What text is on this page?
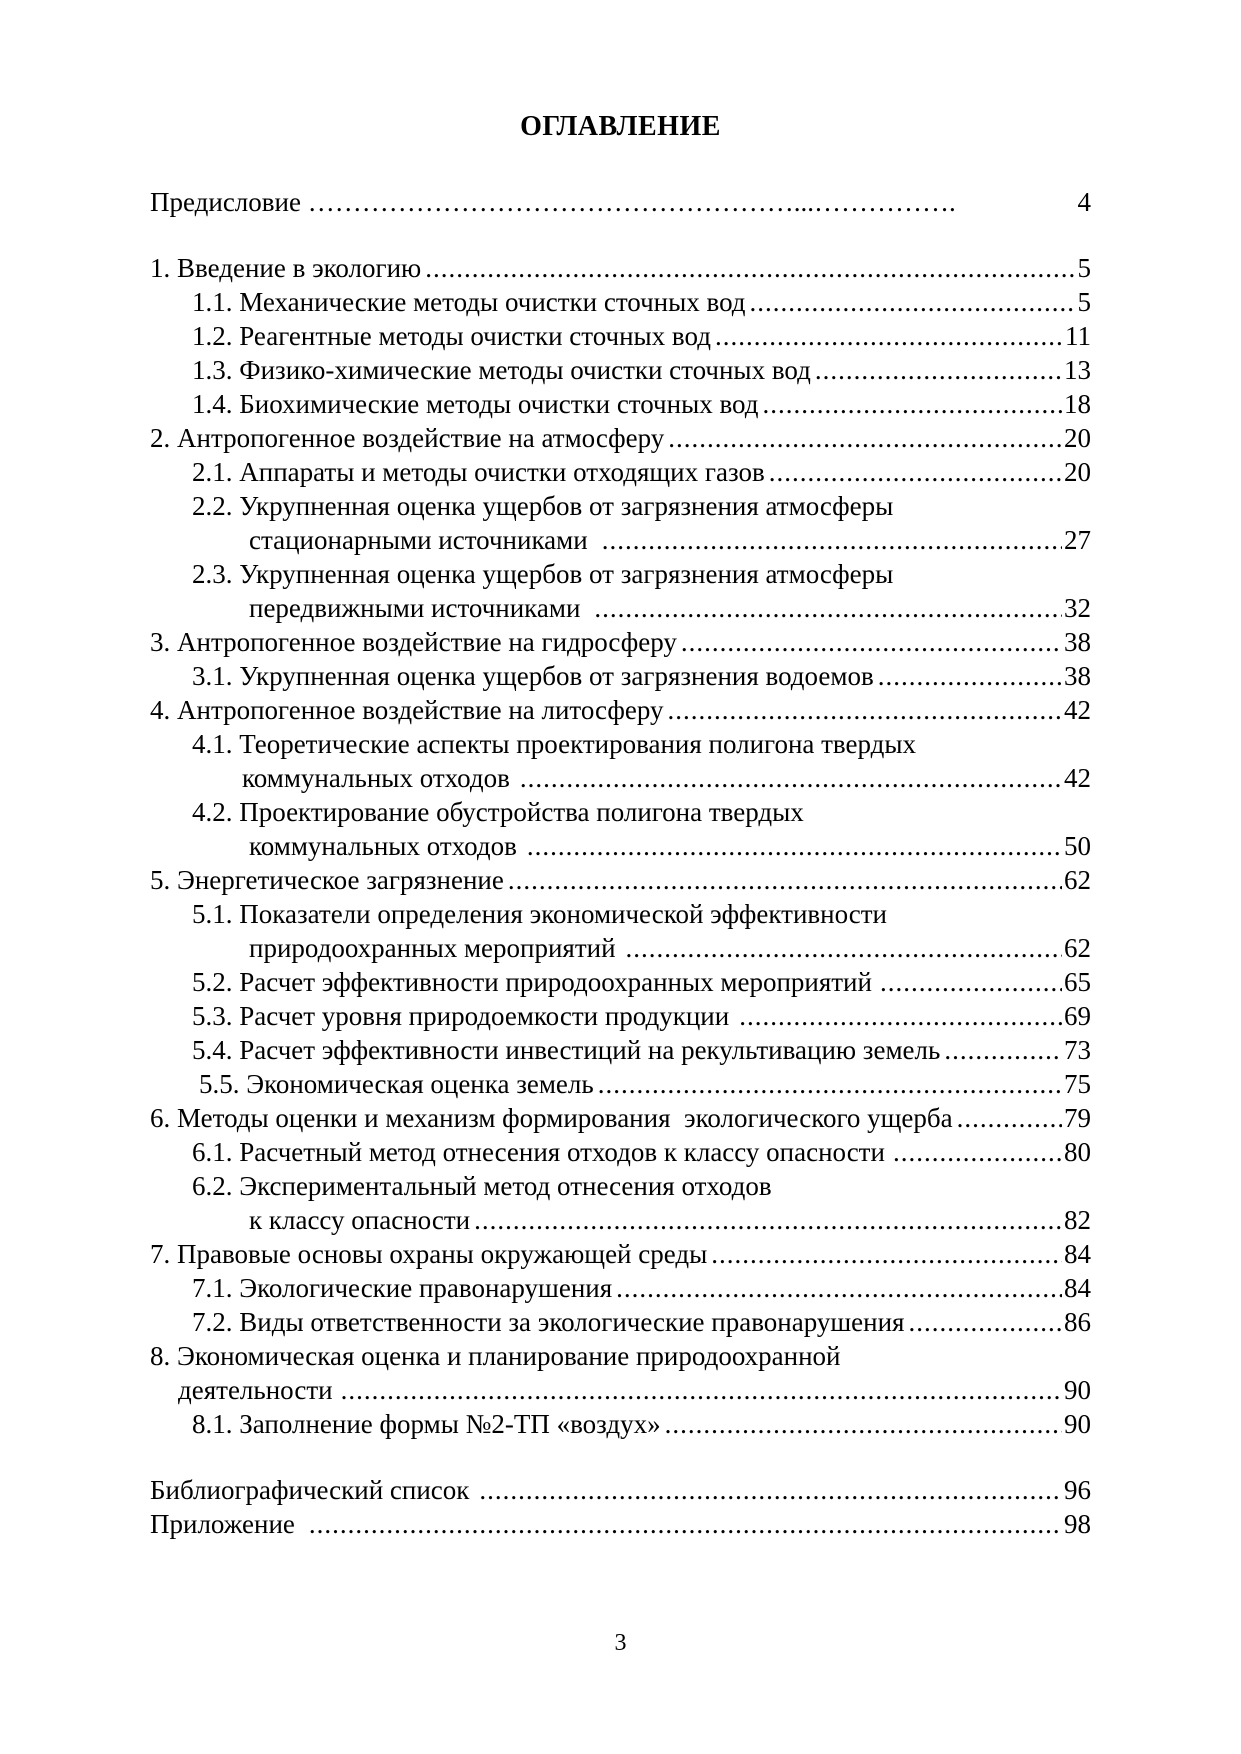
ОГЛАВЛЕНИЕ
Предисловие ………………………………………………...…………….	4
1. Введение в экологию .....	5
1.1. Механические методы очистки сточных вод .....	5
1.2. Реагентные методы очистки сточных вод .....	11
1.3. Физико-химические методы очистки сточных вод .....	13
1.4. Биохимические методы очистки сточных вод .....	18
2. Антропогенное воздействие на атмосферу .....	20
2.1. Аппараты и методы очистки отходящих газов .....	20
2.2. Укрупненная оценка ущербов от загрязнения атмосферы
стационарными источниками .....	27
2.3. Укрупненная оценка ущербов от загрязнения атмосферы
передвижными источниками .....	32
3. Антропогенное воздействие на гидросферу .....	38
3.1. Укрупненная оценка ущербов от загрязнения водоемов .....	38
4. Антропогенное воздействие на литосферу .....	42
4.1. Теоретические аспекты проектирования полигона твердых
коммунальных отходов .....	42
4.2. Проектирование обустройства полигона твердых
коммунальных отходов .....	50
5. Энергетическое загрязнение .....	62
5.1. Показатели определения экономической эффективности
природоохранных мероприятий .....	62
5.2. Расчет эффективности природоохранных мероприятий .....	65
5.3. Расчет уровня природоемкости продукции .....	69
5.4. Расчет эффективности инвестиций на рекультивацию земель .....	73
5.5. Экономическая оценка земель .....	75
6. Методы оценки и механизм формирования  экологического ущерба .....	79
6.1. Расчетный метод отнесения отходов к классу опасности .....	80
6.2. Экспериментальный метод отнесения отходов
к классу опасности .....	82
7. Правовые основы охраны окружающей среды .....	84
7.1. Экологические правонарушения .....	84
7.2. Виды ответственности за экологические правонарушения .....	86
8. Экономическая оценка и планирование природоохранной
деятельности .....	90
8.1. Заполнение формы №2-ТП «воздух» .....	90
Библиографический список .....	96
Приложение .....	98
3
